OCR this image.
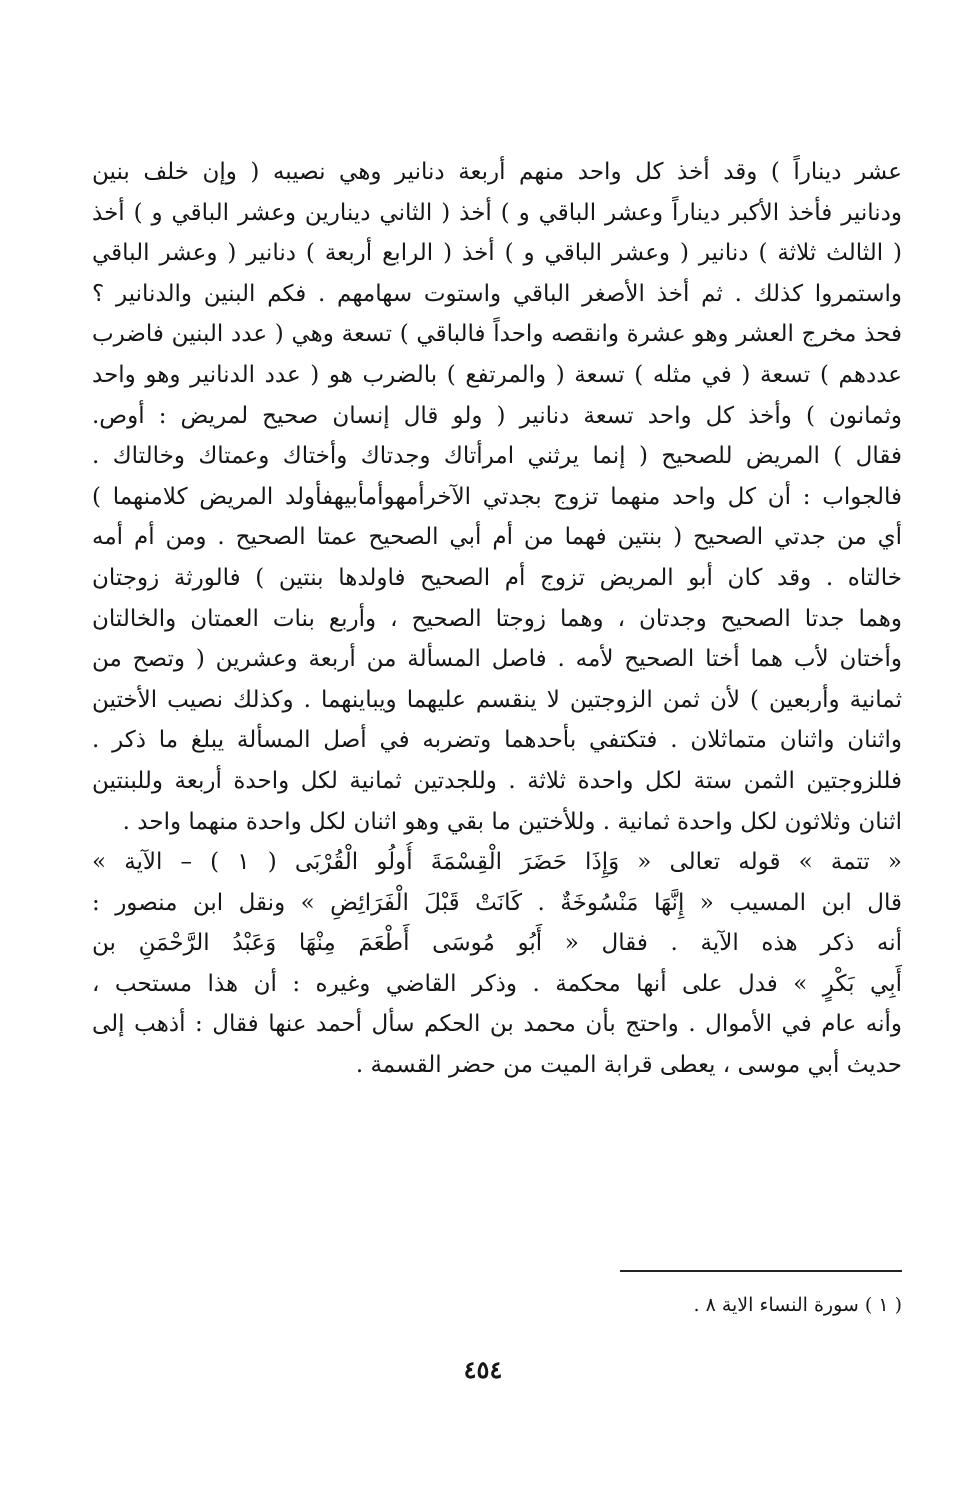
عشر ديناراً ) وقد أخذ كل واحد منهم أربعة دنانير وهي نصيبه ( وإن خلف بنين
ودنانير فأخذ الأكبر ديناراً وعشر الباقي و ) أخذ ( الثاني دينارين وعشر الباقي و ) أخذ
( الثالث ثلاثة ) دنانير ( وعشر الباقي و ) أخذ ( الرابع أربعة ) دنانير ( وعشر الباقي
واستمروا كذلك . ثم أخذ الأصغر الباقي واستوت سهامهم . فكم البنين والدنانير ؟
فحذ مخرج العشر وهو عشرة وانقصه واحداً فالباقي ) تسعة وهي ( عدد البنين فاضرب
عددهم ) تسعة ( في مثله ) تسعة ( والمرتفع ) بالضرب هو ( عدد الدنانير وهو واحد
وثمانون ) وأخذ كل واحد تسعة دنانير ( ولو قال إنسان صحيح لمريض : أوص.
فقال ) المريض للصحيح ( إنما يرثني امرأتاك وجدتاك وأختاك وعمتاك وخالتاك .
فالجواب : أن كل واحد منهما تزوج بجدتي الآخرأمهوأمأبيهفأولد المريض كلامنهما )
أي من جدتي الصحيح ( بنتين فهما من أم أبي الصحيح عمتا الصحيح . ومن أم أمه
خالتاه . وقد كان أبو المريض تزوج أم الصحيح فاولدها بنتين ) فالورثة زوجتان
وهما جدتا الصحيح وجدتان ، وهما زوجتا الصحيح ، وأربع بنات العمتان والخالتان
وأختان لأب هما أختا الصحيح لأمه . فاصل المسألة من أربعة وعشرين ( وتصح من
ثمانية وأربعين ) لأن ثمن الزوجتين لا ينقسم عليهما ويباينهما . وكذلك نصيب الأختين
واثنان واثنان متماثلان . فتكتفي بأحدهما وتضربه في أصل المسألة يبلغ ما ذكر .
فللزوجتين الثمن ستة لكل واحدة ثلاثة . وللجدتين ثمانية لكل واحدة أربعة وللبنتين
اثنان وثلاثون لكل واحدة ثمانية . وللأختين ما بقي وهو اثنان لكل واحدة منهما واحد .
« تتمة » قوله تعالى « وَإِذَا حَضَرَ الْقِسْمَةَ أُولُو الْقُرْبَى ( ١ ) – الآية »
قال ابن المسيب « إِنَّهَا مَنْسُوخَةٌ . كَانَتْ قَبْلَ الْفَرَائِضِ » ونقل ابن منصور :
أنه ذكر هذه الآية . فقال « أَبُو مُوسَى أَطْعَمَ مِنْهَا وَعَبْدُ الرَّحْمَنِ بن
أَبِي بَكْرٍ » فدل على أنها محكمة . وذكر القاضي وغيره : أن هذا مستحب ،
وأنه عام في الأموال . واحتج بأن محمد بن الحكم سأل أحمد عنها فقال : أذهب إلى
حديث أبي موسى ، يعطى قرابة الميت من حضر القسمة .
( ١ ) سورة النساء الاية ٨ .
٤٥٤
